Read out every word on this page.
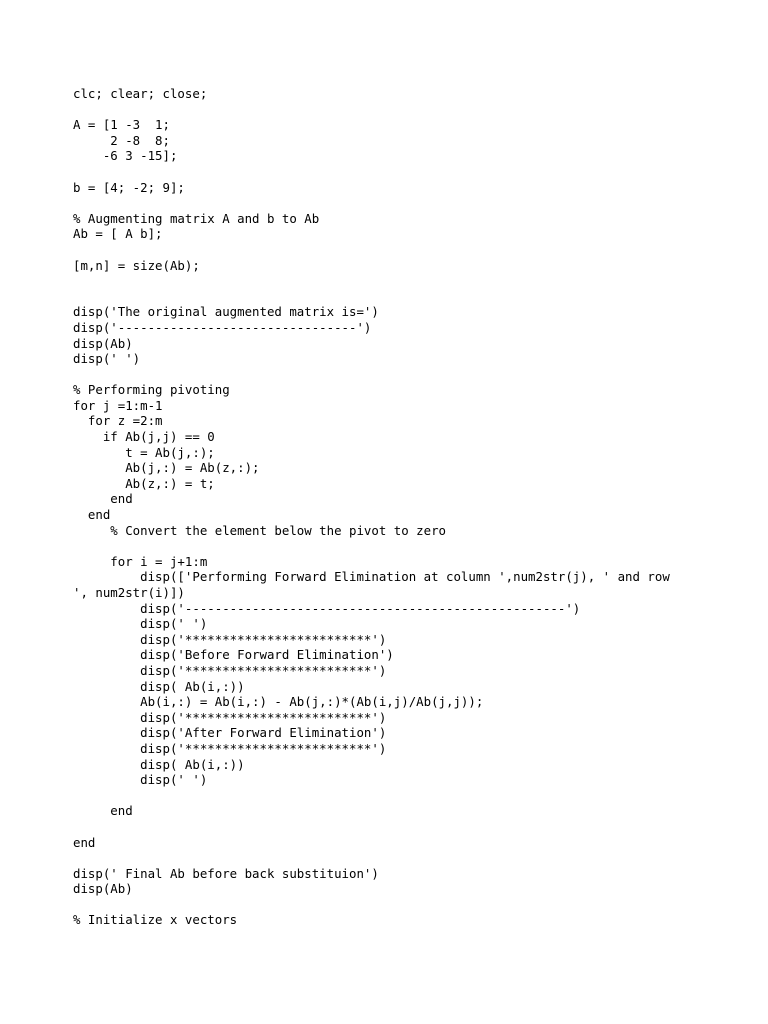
clc; clear; close;
A = [1 -3  1;
2 -8  8;
-6 3 -15];
b = [4; -2; 9];
% Augmenting matrix A and b to Ab
Ab = [ A b];
[m,n] = size(Ab);
disp('The original augmented matrix is=')
disp('--------------------------------')
disp(Ab)
disp(' ')
% Performing pivoting
for j =1:m-1
for z =2:m
if Ab(j,j) == 0
t = Ab(j,:);
Ab(j,:) = Ab(z,:);
Ab(z,:) = t;
end
end
% Convert the element below the pivot to zero
for i = j+1:m
disp(['Performing Forward Elimination at column ',num2str(j), ' and row
', num2str(i)])
disp('---------------------------------------------------')
disp(' ')
disp('*************************')
disp('Before Forward Elimination')
disp('*************************')
disp( Ab(i,:))
Ab(i,:) = Ab(i,:) - Ab(j,:)*(Ab(i,j)/Ab(j,j));
disp('*************************')
disp('After Forward Elimination')
disp('*************************')
disp( Ab(i,:))
disp(' ')
end
end
disp(' Final Ab before back substituion')
disp(Ab)
% Initialize x vectors
